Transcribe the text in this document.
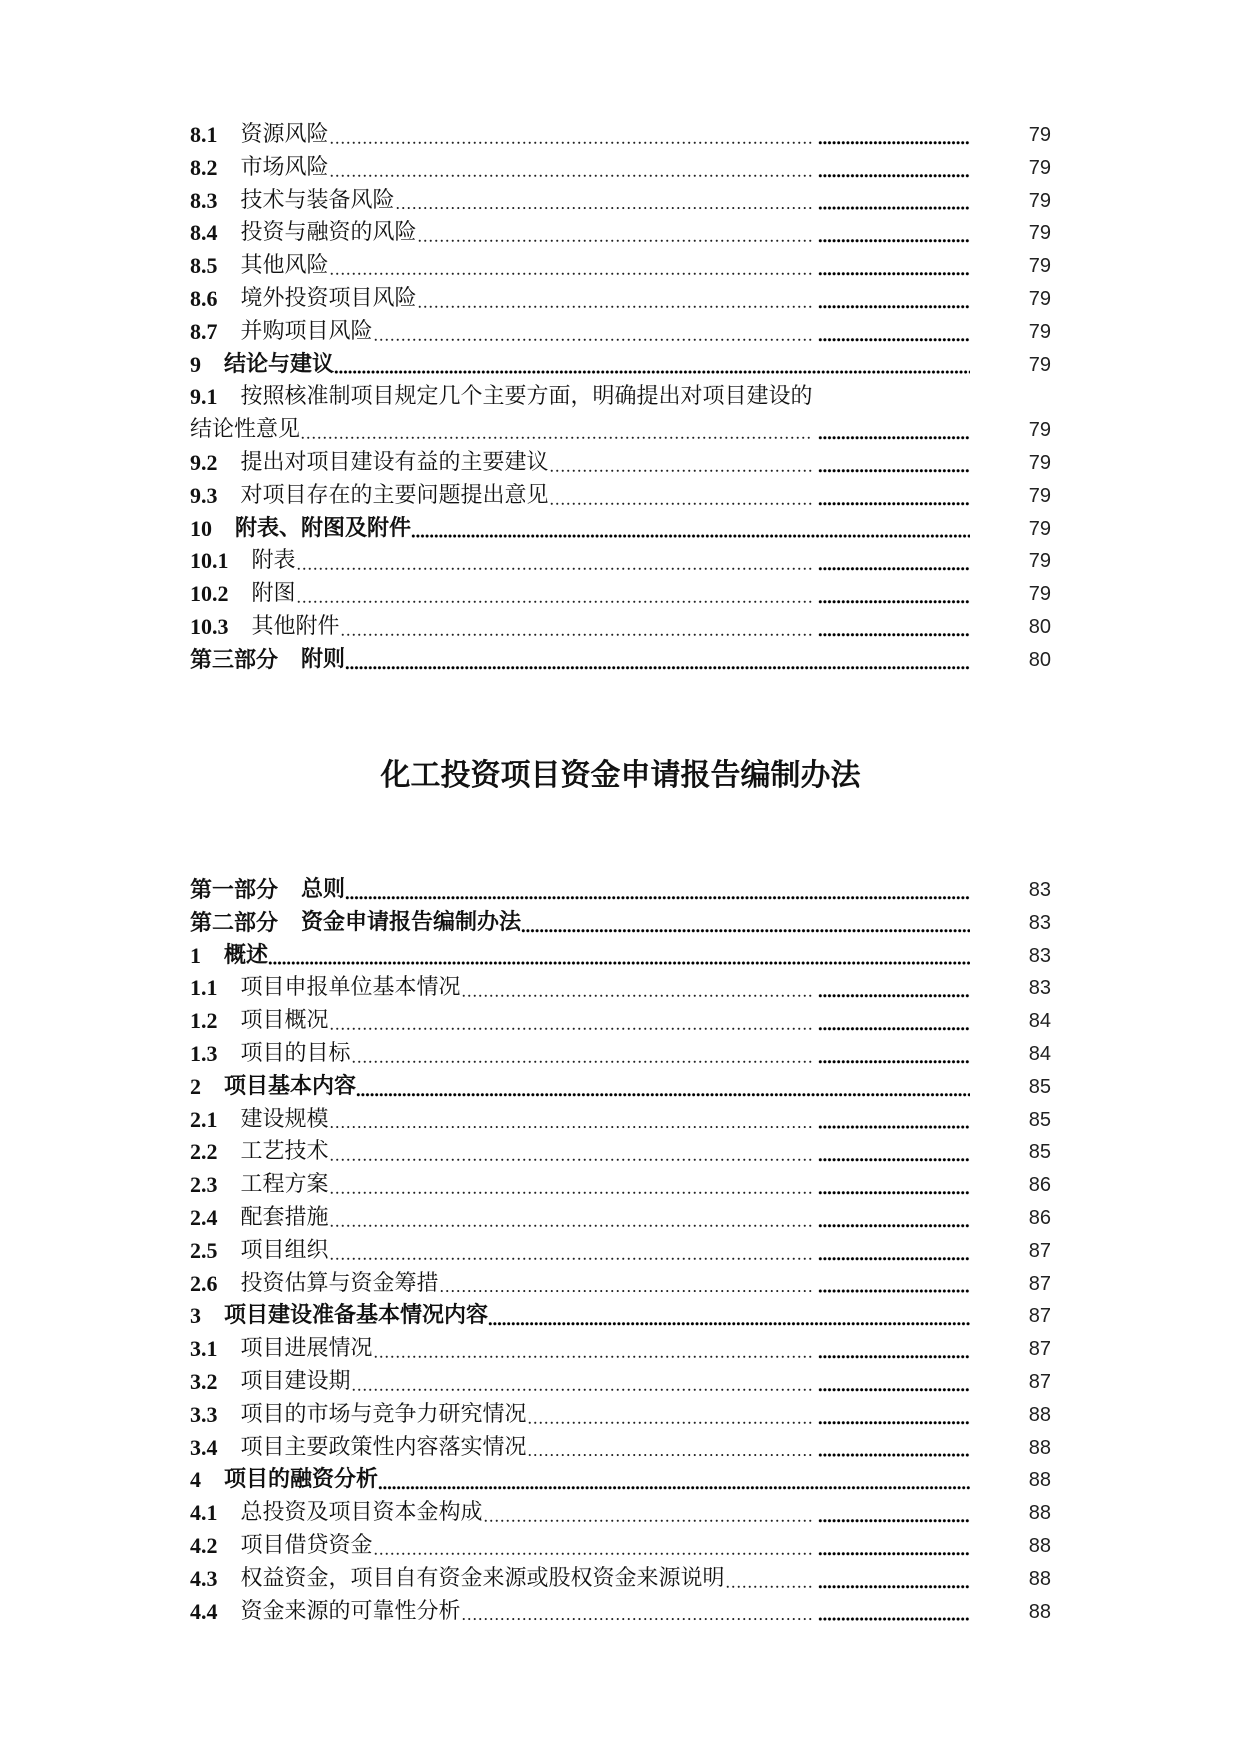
8.1 资源风险	79
8.2 市场风险	79
8.3 技术与装备风险	79
8.4 投资与融资的风险	79
8.5 其他风险	79
8.6 境外投资项目风险	79
8.7 并购项目风险	79
9 结论与建议	79
9.1 按照核准制项目规定几个主要方面，明确提出对项目建设的
结论性意见	79
9.2 提出对项目建设有益的主要建议	79
9.3 对项目存在的主要问题提出意见	79
10 附表、附图及附件	79
10.1 附表	79
10.2 附图	79
10.3 其他附件	80
第三部分 附则	80
化工投资项目资金申请报告编制办法
第一部分 总则	83
第二部分 资金申请报告编制办法	83
1 概述	83
1.1 项目申报单位基本情况	83
1.2 项目概况	84
1.3 项目的目标	84
2 项目基本内容	85
2.1 建设规模	85
2.2 工艺技术	85
2.3 工程方案	86
2.4 配套措施	86
2.5 项目组织	87
2.6 投资估算与资金筹措	87
3 项目建设准备基本情况内容	87
3.1 项目进展情况	87
3.2 项目建设期	87
3.3 项目的市场与竞争力研究情况	88
3.4 项目主要政策性内容落实情况	88
4 项目的融资分析	88
4.1 总投资及项目资本金构成	88
4.2 项目借贷资金	88
4.3 权益资金，项目自有资金来源或股权资金来源说明	88
4.4 资金来源的可靠性分析	88
